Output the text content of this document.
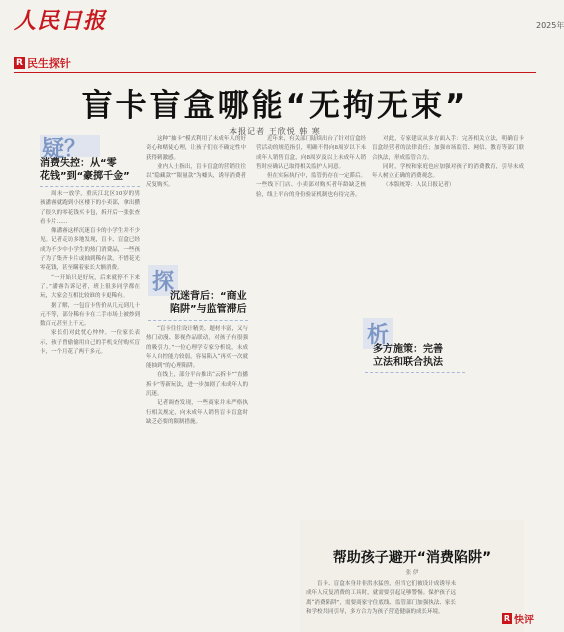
人民日报	2025年
R 民生探针
盲卡盲盒哪能“无拘无束”
本报记者 王欣悦 韩 寒
疑？
消费失控：从“零
花钱”到“豪掷千金”

周末一放学，重庆江北区10岁的男孩潘睿就跑到小区楼下的小卖部，拿出攒了很久的零花钱买卡包，拆开后一张张查看卡片……

像潘睿这样沉迷盲卡的小学生并不少见。记者走访多地发现，盲卡、盲盒已经成为不少中小学生的热门消费品，一些孩子为了集齐卡片或抽到稀有款，不惜花光零花钱，甚至瞒着家长大额消费。

“一开始只是好玩，后来就停不下来了。”潘睿告诉记者，班上很多同学都在玩，大家会互相比较谁的卡更稀有。

据了解，一包盲卡售价从几元到几十元不等，部分稀有卡在二手市场上被炒到数百元甚至上千元。

家长们对此忧心忡忡。一位家长表示，孩子曾偷偷用自己的手机支付购买盲卡，一个月花了两千多元。

这种“抽卡”模式利用了未成年人的好奇心和赌徒心理，让孩子们在不确定性中获得刺激感。

业内人士指出，盲卡盲盒的营销往往以“隐藏款”“限量款”为噱头，诱导消费者反复购买。

探
沉迷背后：“商业
陷阱”与监管滞后

“盲卡往往设计精美、题材丰富，又与热门动漫、影视作品联动，对孩子有很强的吸引力。”一位心理学专家分析说，未成年人自控能力较弱，容易陷入“再买一次就能抽到”的心理陷阱。

在线上，部分平台推出“云拆卡”“直播拆卡”等新玩法，进一步加剧了未成年人的沉迷。

记者调查发现，一些商家并未严格执行相关规定，向未成年人销售盲卡盲盒时缺乏必要的限制措施。

近年来，有关部门陆续出台了针对盲盒经营活动的规范指引，明确不得向8周岁以下未成年人销售盲盒，向8周岁及以上未成年人销售时应确认已取得相关监护人同意。

但在实际执行中，监管仍存在一定滞后。一些线下门店、小卖部对购买者年龄缺乏核验，线上平台的身份验证机制也有待完善。

析
多方施策：完善
立法和联合执法

对此，专家建议从多方面入手：完善相关立法，明确盲卡盲盒经营者的法律责任；加强市场监管、网信、教育等部门联合执法，形成监管合力。

同时，学校和家庭也应加强对孩子的消费教育，引导未成年人树立正确的消费观念。

（本版统筹：人民日报记者）

帮助孩子避开“消费陷阱”
张 伊

盲卡、盲盒本身并非洪水猛兽，但当它们被设计成诱导未成年人反复消费的工具时，就需要引起足够警惕。保护孩子远离“消费陷阱”，需要商家守住底线、监管部门加强执法、家长和学校共同引导，多方合力为孩子营造健康的成长环境。

R 快评
